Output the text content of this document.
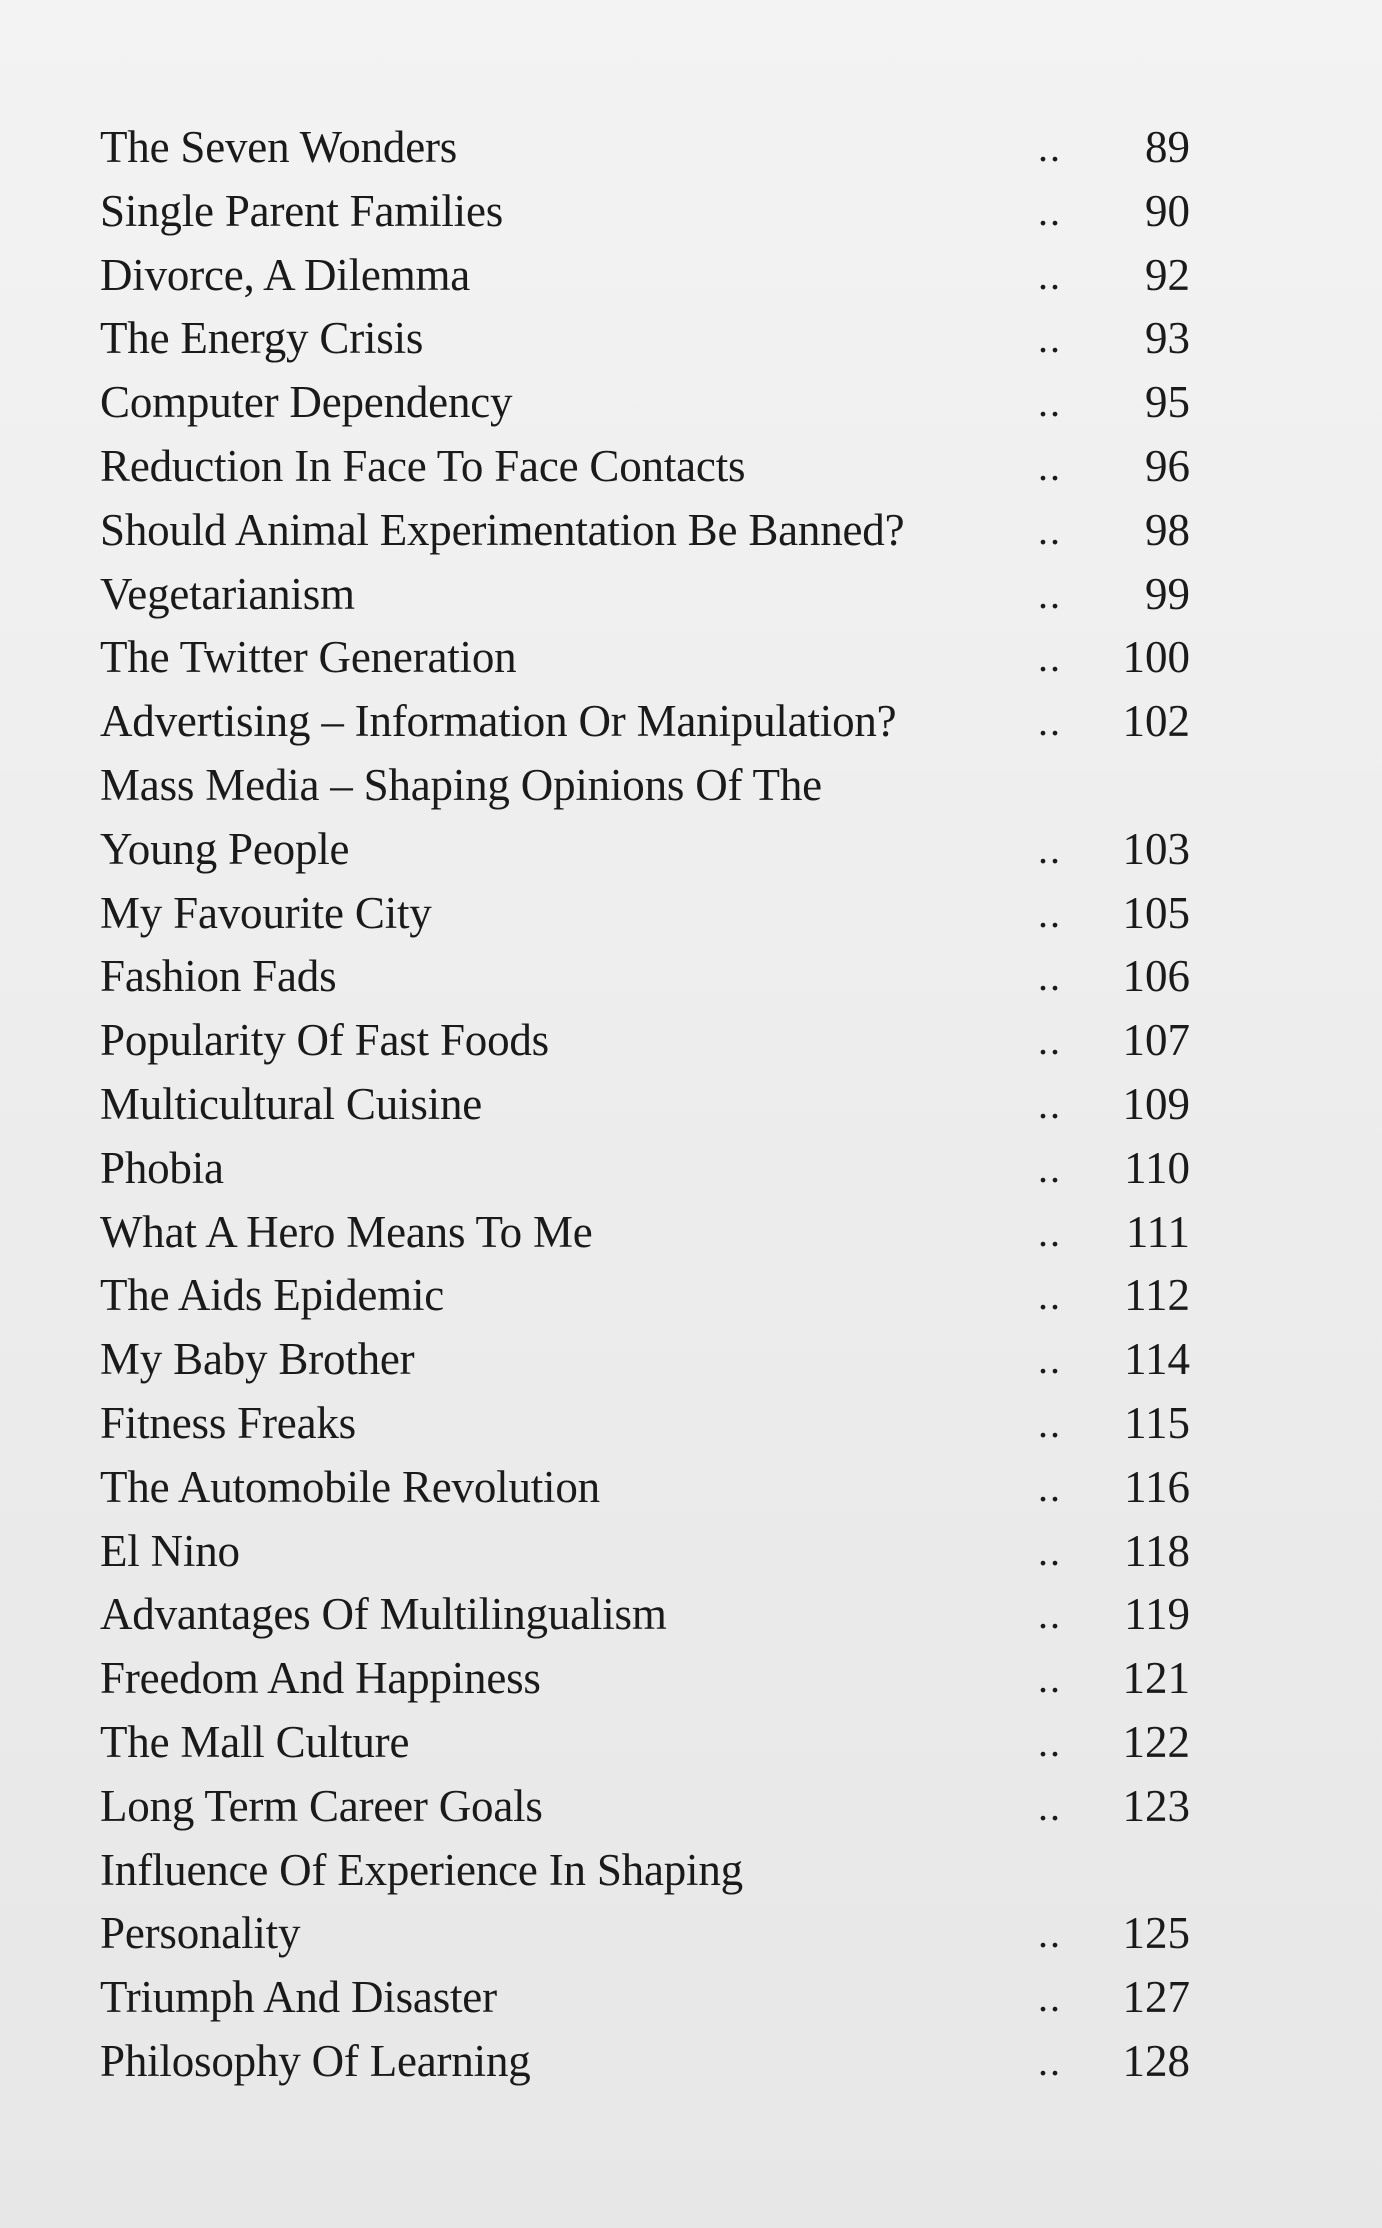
The Seven Wonders	..	89
Single Parent Families	..	90
Divorce, A Dilemma	..	92
The Energy Crisis	..	93
Computer Dependency	..	95
Reduction In Face To Face Contacts	..	96
Should Animal Experimentation Be Banned?	..	98
Vegetarianism	..	99
The Twitter Generation	..	100
Advertising – Information Or Manipulation?	..	102
Mass Media – Shaping Opinions Of The
Young People	..	103
My Favourite City	..	105
Fashion Fads	..	106
Popularity Of Fast Foods	..	107
Multicultural Cuisine	..	109
Phobia	..	110
What A Hero Means To Me	..	111
The Aids Epidemic	..	112
My Baby Brother	..	114
Fitness Freaks	..	115
The Automobile Revolution	..	116
El Nino	..	118
Advantages Of Multilingualism	..	119
Freedom And Happiness	..	121
The Mall Culture	..	122
Long Term Career Goals	..	123
Influence Of Experience In Shaping
Personality	..	125
Triumph And Disaster	..	127
Philosophy Of Learning	..	128
